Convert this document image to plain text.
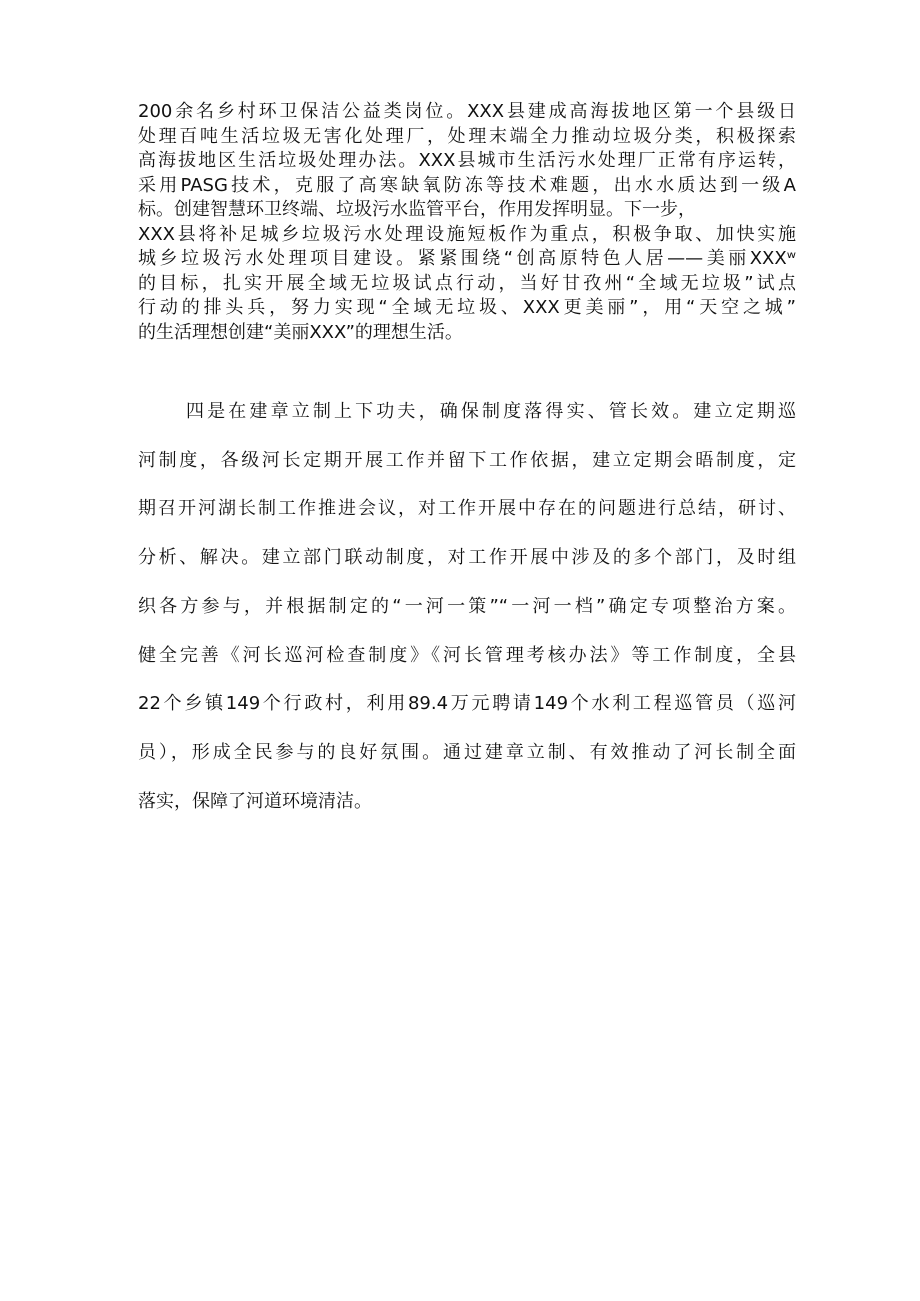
200余名乡村环卫保洁公益类岗位。XXX县建成高海拔地区第一个县级日
处理百吨生活垃圾无害化处理厂，处理末端全力推动垃圾分类，积极探索
高海拔地区生活垃圾处理办法。XXX县城市生活污水处理厂正常有序运转，
采用PASG技术，克服了高寒缺氧防冻等技术难题，出水水质达到一级A
标。创建智慧环卫终端、垃圾污水监管平台，作用发挥明显。下一步，
XXX县将补足城乡垃圾污水处理设施短板作为重点，积极争取、加快实施
城乡垃圾污水处理项目建设。紧紧围绕“创高原特色人居——美丽XXXʷ
的目标，扎实开展全域无垃圾试点行动，当好甘孜州“全域无垃圾”试点
行动的排头兵，努力实现“全域无垃圾、XXX更美丽”，用“天空之城”
的生活理想创建“美丽XXX”的理想生活。
四是在建章立制上下功夫，确保制度落得实、管长效。建立定期巡
河制度，各级河长定期开展工作并留下工作依据，建立定期会晤制度，定
期召开河湖长制工作推进会议，对工作开展中存在的问题进行总结，研讨、
分析、解决。建立部门联动制度，对工作开展中涉及的多个部门，及时组
织各方参与，并根据制定的“一河一策”“一河一档”确定专项整治方案。
健全完善《河长巡河检查制度》《河长管理考核办法》等工作制度，全县
22个乡镇149个行政村，利用89.4万元聘请149个水利工程巡管员（巡河
员），形成全民参与的良好氛围。通过建章立制、有效推动了河长制全面
落实，保障了河道环境清洁。
